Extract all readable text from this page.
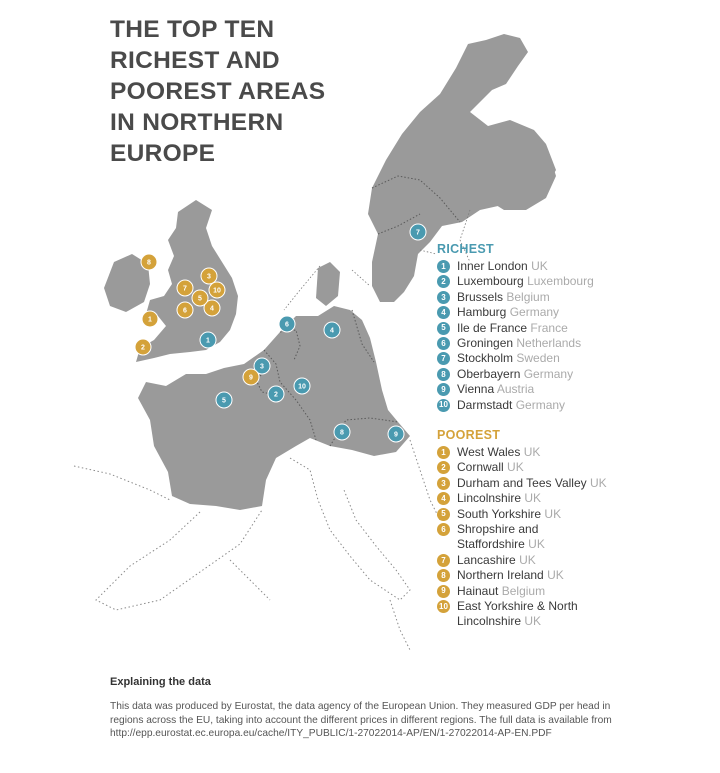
1
2
3
4
5
6
7
8	9
10
1
2
3
4
5
6
7
8
9
10
THE TOP TEN
RICHEST AND
POOREST AREAS
IN NORTHERN
EUROPE
RICHEST
1 Inner London UK
2 Luxembourg Luxembourg
3 Brussels Belgium
4 Hamburg Germany
5 Ile de France France
6 Groningen Netherlands
7 Stockholm Sweden
8 Oberbayern Germany
9 Vienna Austria
10 Darmstadt Germany
POOREST
1 West Wales UK
2 Cornwall UK
3 Durham and Tees Valley UK
4 Lincolnshire UK
5 South Yorkshire UK
6 Shropshire and Staffordshire UK
7 Lancashire UK
8 Northern Ireland UK
9 Hainaut Belgium
10 East Yorkshire & North Lincolnshire UK
Explaining the data
This data was produced by Eurostat, the data agency of the European Union. They measured GDP per head in regions across the EU, taking into account the different prices in different regions. The full data is available from http://epp.eurostat.ec.europa.eu/cache/ITY_PUBLIC/1-27022014-AP/EN/1-27022014-AP-EN.PDF
